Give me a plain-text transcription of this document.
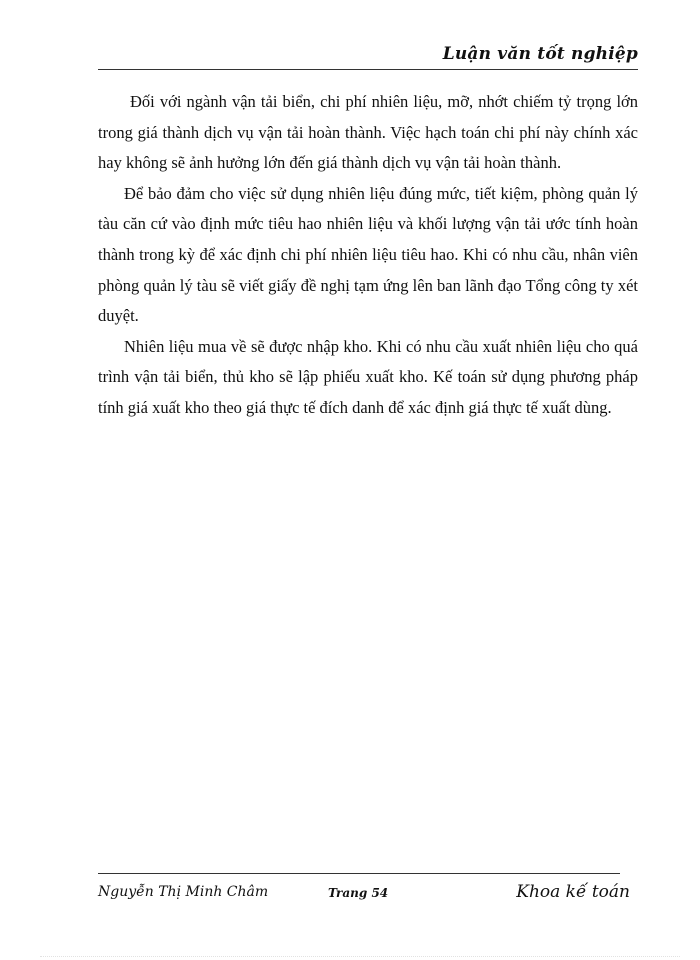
Luận văn tốt nghiệp

Đối với ngành vận tải biển, chi phí nhiên liệu, mỡ, nhớt chiếm tỷ trọng lớn trong giá thành dịch vụ vận tải hoàn thành. Việc hạch toán chi phí này chính xác hay không sẽ ảnh hưởng lớn đến giá thành dịch vụ vận tải hoàn thành.

Để bảo đảm cho việc sử dụng nhiên liệu đúng mức, tiết kiệm, phòng quản lý tàu căn cứ vào định mức tiêu hao nhiên liệu và khối lượng vận tải ước tính hoàn thành trong kỳ để xác định chi phí nhiên liệu tiêu hao. Khi có nhu cầu, nhân viên phòng quản lý tàu sẽ viết giấy đề nghị tạm ứng lên ban lãnh đạo Tổng công ty xét duyệt.

Nhiên liệu mua về sẽ được nhập kho. Khi có nhu cầu xuất nhiên liệu cho quá trình vận tải biển, thủ kho sẽ lập phiếu xuất kho. Kế toán sử dụng phương pháp tính giá xuất kho theo giá thực tế đích danh để xác định giá thực tế xuất dùng.

Nguyễn Thị Minh Châm	Trang 54	Khoa kế toán
